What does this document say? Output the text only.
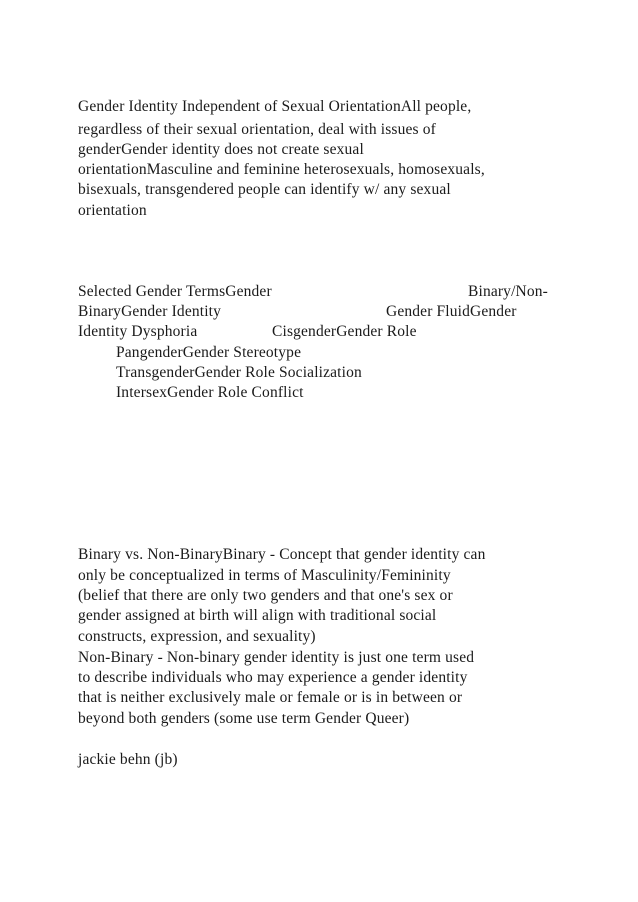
Gender Identity Independent of Sexual OrientationAll people,
regardless of their sexual orientation, deal with issues of
genderGender identity does not create sexual
orientationMasculine and feminine heterosexuals, homosexuals,
bisexuals, transgendered people can identify w/ any sexual
orientation
Selected Gender TermsGender	Binary/Non-
BinaryGender Identity	Gender FluidGender
Identity Dysphoria	CisgenderGender Role
PangenderGender Stereotype
TransgenderGender Role Socialization
IntersexGender Role Conflict
Binary vs. Non-BinaryBinary - Concept that gender identity can
only be conceptualized in terms of Masculinity/Femininity
(belief that there are only two genders and that one's sex or
gender assigned at birth will align with traditional social
constructs, expression, and sexuality)
Non-Binary - Non-binary gender identity is just one term used
to describe individuals who may experience a gender identity
that is neither exclusively male or female or is in between or
beyond both genders (some use term Gender Queer)
jackie behn (jb)
